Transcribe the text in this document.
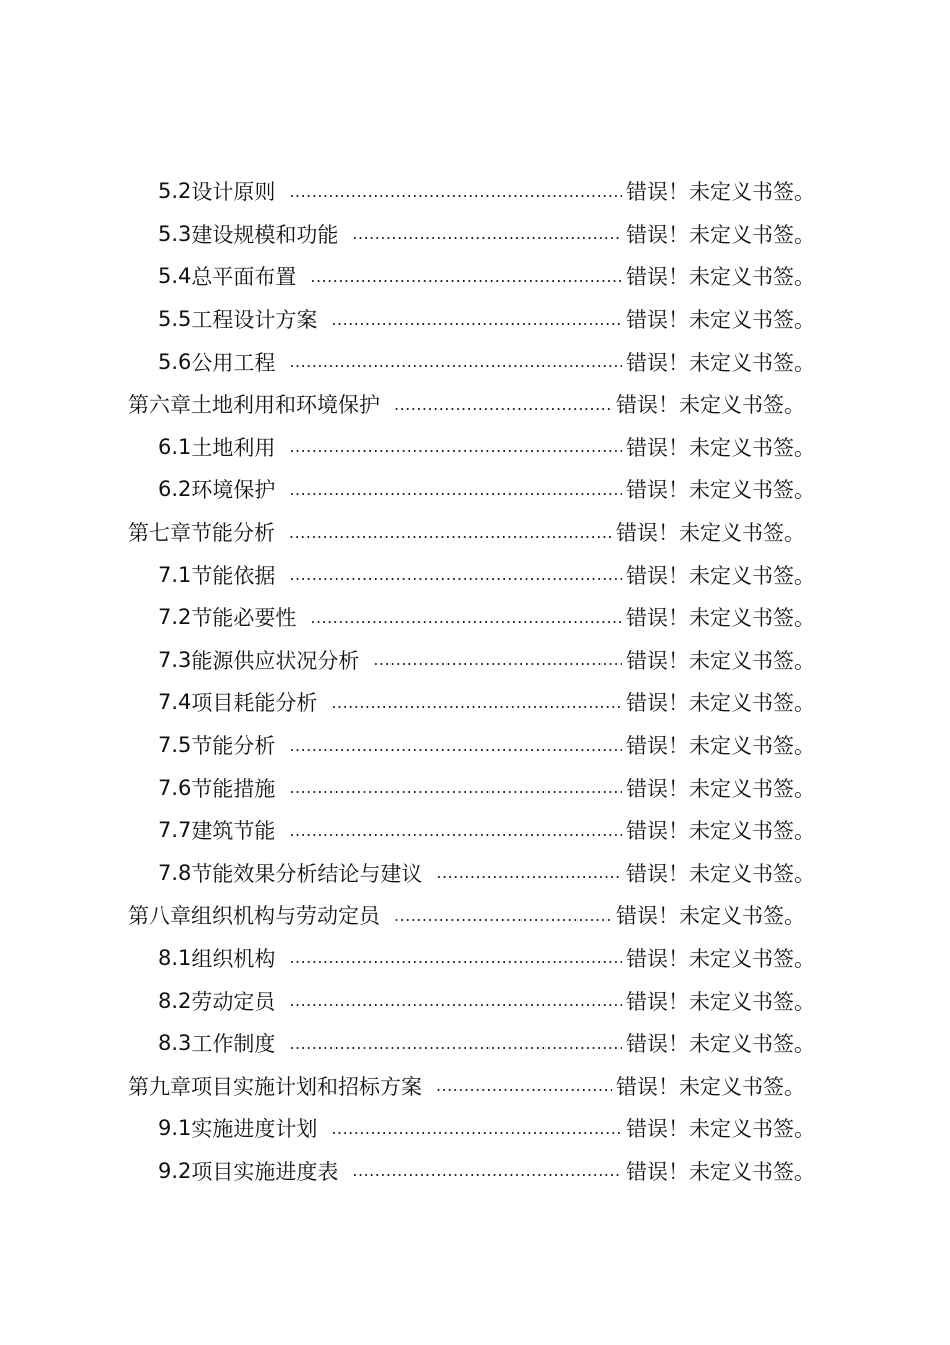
5.2 设计原则 .....	错误！未定义书签。
5.3 建设规模和功能 .....	错误！未定义书签。
5.4 总平面布置 .....	错误！未定义书签。
5.5 工程设计方案 .....	错误！未定义书签。
5.6 公用工程 .....	错误！未定义书签。
第六章 土地利用和环境保护 .....	错误！未定义书签。
6.1 土地利用 .....	错误！未定义书签。
6.2 环境保护 .....	错误！未定义书签。
第七章 节能分析 .....	错误！未定义书签。
7.1 节能依据 .....	错误！未定义书签。
7.2 节能必要性 .....	错误！未定义书签。
7.3 能源供应状况分析 .....	错误！未定义书签。
7.4 项目耗能分析 .....	错误！未定义书签。
7.5 节能分析 .....	错误！未定义书签。
7.6 节能措施 .....	错误！未定义书签。
7.7 建筑节能 .....	错误！未定义书签。
7.8 节能效果分析结论与建议 .....	错误！未定义书签。
第八章 组织机构与劳动定员 .....	错误！未定义书签。
8.1 组织机构 .....	错误！未定义书签。
8.2 劳动定员 .....	错误！未定义书签。
8.3 工作制度 .....	错误！未定义书签。
第九章 项目实施计划和招标方案 .....	错误！未定义书签。
9.1 实施进度计划 .....	错误！未定义书签。
9.2 项目实施进度表 .....	错误！未定义书签。
